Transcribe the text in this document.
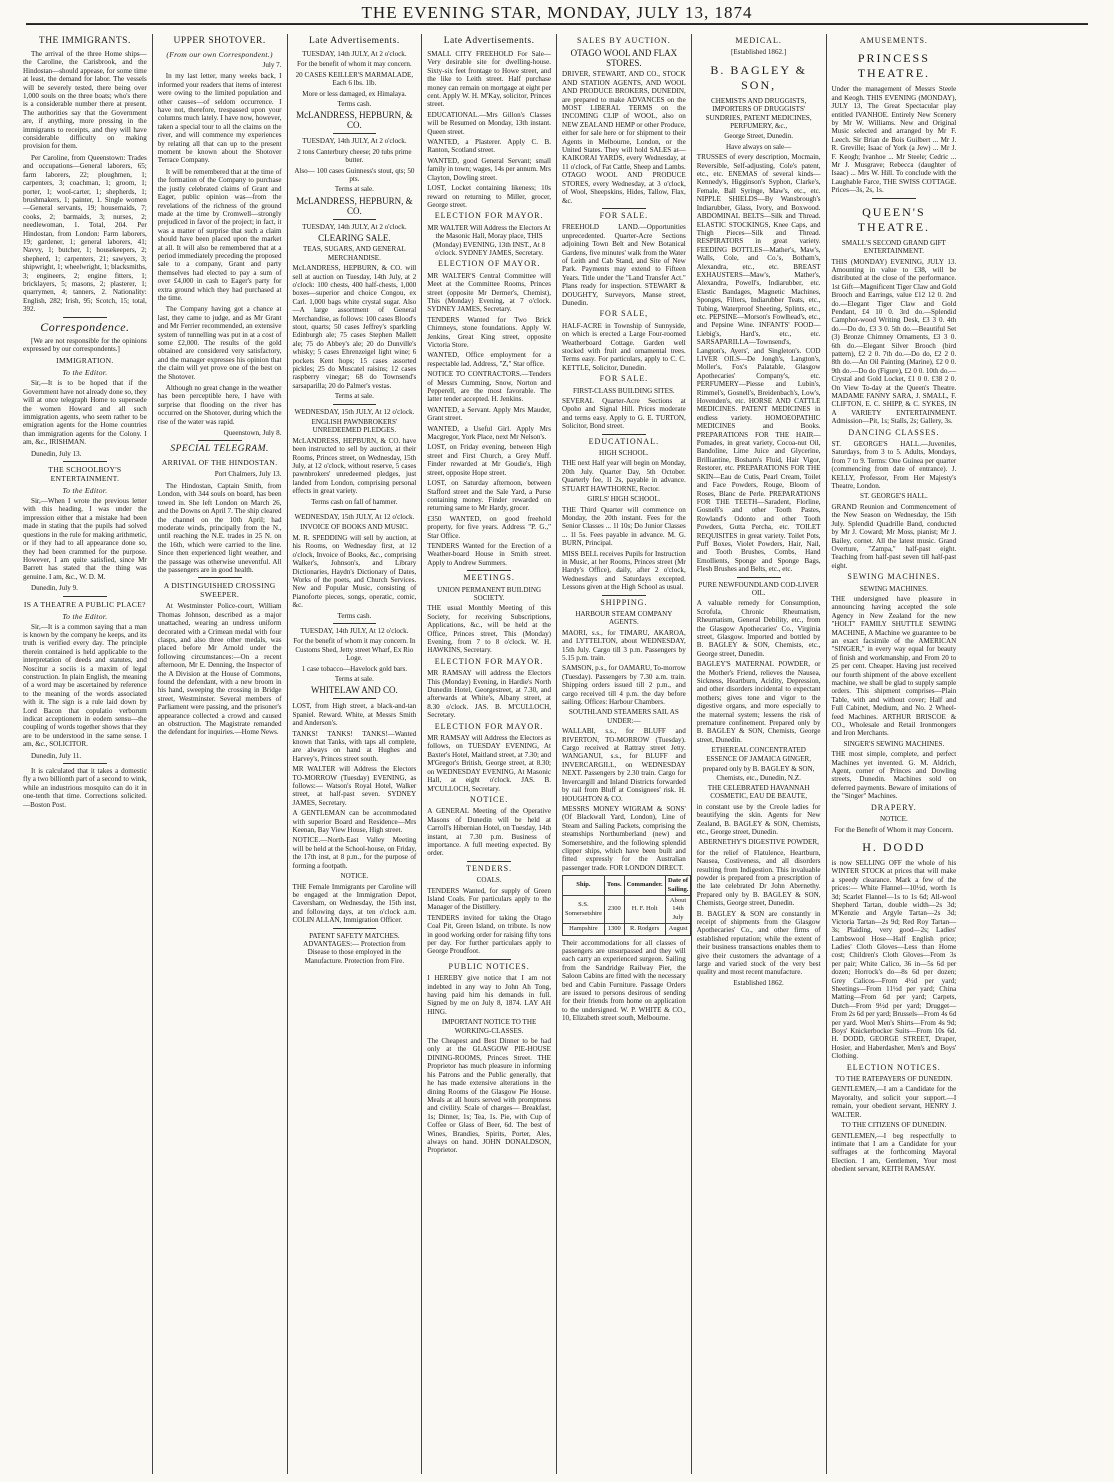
THE EVENING STAR, MONDAY, JULY 13, 1874
THE IMMIGRANTS.

The arrival of the three Home ships—the Caroline, the Carisbrook, and the Hindostan—should appease, for some time at least, the demand for labor. The vessels will be severely tested, there being over 1,000 souls on the three boats; who's there is a considerable number there at present. The authorities say that the Government are, if anything, more pressing in the immigrants to receipts, and they will have considerable difficulty on making provision for them.

Per Caroline, from Queenstown: Trades and occupations—General laborers, 65; farm laborers, 22; ploughmen, 1; carpenters, 3; coachman, 1; groom, 1; porter, 1; wool-carter, 1; shepherds, 1; brushmakers, 1; painter, 1. Single women—General servants, 19; housemaids, 7; cooks, 2; barmaids, 3; nurses, 2; needlewoman, 1. Total, 204. Per Hindostan, from London: Farm laborers, 19; gardener, 1; general laborers, 41; Navvy, 1; butcher, 1; housekeepers, 2; shepherd, 1; carpenters, 21; sawyers, 3; shipwright, 1; wheelwright, 1; blacksmiths, 3; engineers, 2; engine fitters, 1; bricklayers, 5; masons, 2; plasterer, 1; quarrymen, 4; tanners, 2. Nationality: English, 282; Irish, 95; Scotch, 15; total, 392.

Correspondence.

[We are not responsible for the opinions expressed by our correspondents.]

IMMIGRATION.
To the Editor.

Sir,—It is to be hoped that if the Government have not already done so, they will at once telegraph Home to supersede the women Howard and all such immigration agents, who seem rather to be emigration agents for the Home countries than immigration agents for the Colony. I am, &c., IRISHMAN.

Dunedin, July 13.
THE SCHOOLBOY'S ENTERTAINMENT.
To the Editor.

Sir,—When I wrote the previous letter with this heading, I was under the impression either that a mistake had been made in stating that the pupils had solved questions in the rule for making arithmetic, or if they had to all appearance done so, they had been crammed for the purpose. However, I am quite satisfied, since Mr Barrett has stated that the thing was genuine. I am, &c., W. D. M.

Dunedin, July 9.
IS A THEATRE A PUBLIC PLACE?
To the Editor.

Sir,—It is a common saying that a man is known by the company he keeps, and its truth is verified every day. The principle therein contained is held applicable to the interpretation of deeds and statutes, and Noscitur a sociis is a maxim of legal construction. In plain English, the meaning of a word may be ascertained by reference to the meaning of the words associated with it. The sign is a rule laid down by Lord Bacon that copulatio verborum indicat acceptionem in eodem sensu—the coupling of words together shows that they are to be understood in the same sense. I am, &c., SOLICITOR.

Dunedin, July 11.

It is calculated that it takes a domestic fly a two billionth part of a second to wink, while an industrious mosquito can do it in one-tenth that time. Corrections solicited.—Boston Post.

UPPER SHOTOVER.
(From our own Correspondent.)
July 7.

In my last letter, many weeks back, I informed your readers that items of interest were owing to the limited population and other causes—of seldom occurrence. I have not, therefore, trespassed upon your columns much lately. I have now, however, taken a special tour to all the claims on the river, and will commence my experiences by relating all that can up to the present moment be known about the Shotover Terrace Company.

It will be remembered that at the time of the formation of the Company to purchase the justly celebrated claims of Grant and Eager, public opinion was—from the revelations of the richness of the ground made at the time by Cromwell—strongly prejudiced in favor of the project; in fact, it was a matter of surprise that such a claim should have been placed upon the market at all. It will also be remembered that at a period immediately preceding the proposed sale to a company, Grant and party themselves had elected to pay a sum of over £4,000 in cash to Eager's party for extra ground which they had purchased at the time.

The Company having got a chance at last, they came to judge, and as Mr Grant and Mr Ferrier recommended, an extensive system of tunnelling was put in at a cost of some £2,000. The results of the gold obtained are considered very satisfactory, and the manager expresses his opinion that the claim will yet prove one of the best on the Shotover.

Although no great change in the weather has been perceptible here, I have with surprise that flooding on the river has occurred on the Shotover, during which the rise of the water was rapid.

Queenstown, July 8.
SPECIAL TELEGRAM.
ARRIVAL OF THE HINDOSTAN.
Port Chalmers, July 13.

The Hindostan, Captain Smith, from London, with 344 souls on board, has been towed in. She left London on March 26, and the Downs on April 7. The ship cleared the channel on the 10th April; had moderate winds, principally from the N., until reaching the N.E. trades in 25 N. on the 16th, which were carried to the line. Since then experienced light weather, and the passage was otherwise uneventful. All the passengers are in good health.

A DISTINGUISHED CROSSING SWEEPER.

At Westminster Police-court, William Thomas Johnson, described as a major unattached, wearing an undress uniform decorated with a Crimean medal with four clasps, and also three other medals, was placed before Mr Arnold under the following circumstances:—On a recent afternoon, Mr E. Denning, the Inspector of the A Division at the House of Commons, found the defendant, with a new broom in his hand, sweeping the crossing in Bridge street, Westminster. Several members of Parliament were passing, and the prisoner's appearance collected a crowd and caused an obstruction. The Magistrate remanded the defendant for inquiries.—Home News.

Late Advertisements.
TUESDAY, 14th JULY, At 2 o'clock.
For the benefit of whom it may concern.
20 CASES KEILLER'S MARMALADE, Each 6 lbs. 1lb.
More or less damaged, ex Himalaya.
Terms cash.
McLANDRESS, HEPBURN, & CO.
TUESDAY, 14th JULY, At 2 o'clock.
2 tons Canterbury cheese; 20 tubs prime butter.
Also— 100 cases Guinness's stout, qts; 50 pts.
Terms at sale.
McLANDRESS, HEPBURN, & CO.
TUESDAY, 14th JULY, At 2 o'clock.
CLEARING SALE.
TEAS, SUGARS, AND GENERAL MERCHANDISE.

McLANDRESS, HEPBURN, & CO. will sell at auction on Tuesday, 14th July, at 2 o'clock: 100 chests, 400 half-chests, 1,000 boxes—superior and choice Congou, ex Carl. 1,000 bags white crystal sugar. Also—A large assortment of General Merchandise, as follows: 100 cases Blood's stout, quarts; 50 cases Jeffrey's sparkling Edinburgh ale; 75 cases Stephen Mallett ale; 75 do Abbey's ale; 20 do Dunville's whisky; 5 cases Ehrenzeigel light wine; 6 pockets Kent hops; 15 cases assorted pickles; 25 do Muscatel raisins; 12 cases raspberry vinegar; 68 do Townsend's sarsaparilla; 20 do Palmer's vestas.

Terms at sale.
WEDNESDAY, 15th JULY, At 12 o'clock.
ENGLISH PAWNBROKERS' UNREDEEMED PLEDGES.

McLANDRESS, HEPBURN, & CO. have been instructed to sell by auction, at their Rooms, Princes street, on Wednesday, 15th July, at 12 o'clock, without reserve, 5 cases pawnbrokers' unredeemed pledges, just landed from London, comprising personal effects in great variety.

Terms cash on fall of hammer.
WEDNESDAY, 15th JULY, At 12 o'clock.
INVOICE OF BOOKS AND MUSIC.

M. R. SPEDDING will sell by auction, at his Rooms, on Wednesday first, at 12 o'clock, Invoice of Books, &c., comprising Walker's, Johnson's, and Library Dictionaries, Haydn's Dictionary of Dates, Works of the poets, and Church Services. New and Popular Music, consisting of Pianoforte pieces, songs, operatic, comic, &c.

Terms cash.
TUESDAY, 14th JULY, At 12 o'clock.
For the benefit of whom it may concern. In Customs Shed, Jetty street Wharf, Ex Rio Loge.
1 case tobacco—Havelock gold bars.
Terms at sale.
WHITELAW AND CO.

LOST, from High street, a black-and-tan Spaniel. Reward. White, at Messrs Smith and Anderson's.

TANKS! TANKS! TANKS!—Wanted known that Tanks, with taps all complete, are always on hand at Hughes and Harvey's, Princes street south.

MR WALTER will Address the Electors TO-MORROW (Tuesday) EVENING, as follows:— Watson's Royal Hotel, Walker street, at half-past seven. SYDNEY JAMES, Secretary.

A GENTLEMAN can be accommodated with superior Board and Residence—Mrs Keenan, Bay View House, High street.

NOTICE.—North-East Valley Meeting will be held at the School-house, on Friday, the 17th inst, at 8 p.m., for the purpose of forming a footpath.

NOTICE.

THE Female Immigrants per Caroline will be engaged at the Immigration Depot, Caversham, on Wednesday, the 15th inst, and following days, at ten o'clock a.m. COLIN ALLAN, Immigration Officer.

PATENT SAFETY MATCHES. ADVANTAGES:— Protection from Disease to those employed in the Manufacture. Protection from Fire.

Late Advertisements.

SMALL CITY FREEHOLD For Sale—Very desirable site for dwelling-house. Sixty-six feet frontage to Howe street, and the like to Leith street. Half purchase money can remain on mortgage at eight per cent. Apply W. H. M'Kay, solicitor, Princes street.

EDUCATIONAL.—Mrs Gillon's Classes will be Resumed on Monday, 13th instant. Queen street.

WANTED, a Plasterer. Apply C. B. Ranton, Scotland street.

WANTED, good General Servant; small family in town; wages, 14s per annum. Mrs Clayton, Dowling street.

LOST, Locket containing likeness; 10s reward on returning to Miller, grocer, George street.

ELECTION FOR MAYOR.

MR WALTER Will Address the Electors At the Masonic Hall, Moray place, THIS (Monday) EVENING, 13th INST., At 8 o'clock. SYDNEY JAMES, Secretary.

ELECTION OF MAYOR.

MR WALTER'S Central Committee will Meet at the Committee Rooms, Princes street (opposite Mr Dermer's, Chemist), This (Monday) Evening, at 7 o'clock. SYDNEY JAMES, Secretary.

TENDERS Wanted for Two Brick Chimneys, stone foundations. Apply W. Jenkins, Great King street, opposite Victoria Store.

WANTED, Office employment for a respectable lad. Address, "Z," Star office.

NOTICE TO CONTRACTORS.—Tenders of Messrs Cumming, Snow, Norton and Pepperell, are the most favorable. The latter tender accepted. H. Jenkins.

WANTED, a Servant. Apply Mrs Mauder, Grant street.

WANTED, a Useful Girl. Apply Mrs Macgregor, York Place, next Mr Nelson's.

LOST, on Friday evening, between High street and First Church, a Grey Muff. Finder rewarded at Mr Goudie's, High street, opposite Hope street.

LOST, on Saturday afternoon, between Stafford street and the Sale Yard, a Purse containing money. Finder rewarded on returning same to Mr Hardy, grocer.

£350 WANTED, on good freehold property, for five years. Address "P. G.," Star Office.

TENDERS Wanted for the Erection of a Weather-board House in Smith street. Apply to Andrew Summers.

MEETINGS.
UNION PERMANENT BUILDING SOCIETY.

THE usual Monthly Meeting of this Society, for receiving Subscriptions, Applications, &c., will be held at the Office, Princes street, This (Monday) Evening, from 7 to 8 o'clock. W. H. HAWKINS, Secretary.

ELECTION FOR MAYOR.

MR RAMSAY will address the Electors This (Monday) Evening, in Hardie's North Dunedin Hotel, Georgestreet, at 7.30, and afterwards at White's, Albany street, at 8.30 o'clock. JAS. B. M'CULLOCH, Secretary.

ELECTION FOR MAYOR.

MR RAMSAY will Address the Electors as follows, on TUESDAY EVENING, At Baxter's Hotel, Maitland street, at 7.30; and M'Gregor's British, George street, at 8.30; on WEDNESDAY EVENING, At Masonic Hall, at eight o'clock. JAS. B. M'CULLOCH, Secretary.

NOTICE.

A GENERAL Meeting of the Operative Masons of Dunedin will be held at Carroll's Hibernian Hotel, on Tuesday, 14th instant, at 7.30 p.m. Business of importance. A full meeting expected. By order.

TENDERS.
COALS.

TENDERS Wanted, for supply of Green Island Coals. For particulars apply to the Manager of the Distillery.

TENDERS invited for taking the Otago Coal Pit, Green Island, on tribute. Is now in good working order for raising fifty tons per day. For further particulars apply to George Proudfoot.

PUBLIC NOTICES.

I HEREBY give notice that I am not indebted in any way to John Ah Tong, having paid him his demands in full. Signed by me on July 8, 1874. LAY AH HING.

IMPORTANT NOTICE TO THE WORKING-CLASSES.

The Cheapest and Best Dinner to be had only at the GLASGOW PIE-HOUSE DINING-ROOMS, Princes Street. THE Proprietor has much pleasure in informing his Patrons and the Public generally, that he has made extensive alterations in the dining Rooms of the Glasgow Pie House. Meals at all hours served with promptness and civility. Scale of charges— Breakfast, 1s; Dinner, 1s; Tea, 1s. Pie, with Cup of Coffee or Glass of Beer, 6d. The best of Wines, Brandies, Spirits, Porter, Ales, always on hand. JOHN DONALDSON, Proprietor.

SALES BY AUCTION.
OTAGO WOOL AND FLAX STORES.

DRIVER, STEWART, AND CO., STOCK AND STATION AGENTS, AND WOOL AND PRODUCE BROKERS, DUNEDIN, are prepared to make ADVANCES on the MOST LIBERAL TERMS on the INCOMING CLIP of WOOL, also on NEW ZEALAND HEMP or other Produce, either for sale here or for shipment to their Agents in Melbourne, London, or the United States. They will hold SALES at— KAIKORAI YARDS, every Wednesday, at 11 o'clock, of Fat Cattle, Sheep and Lambs. OTAGO WOOL AND PRODUCE STORES, every Wednesday, at 3 o'clock, of Wool, Sheepskins, Hides, Tallow, Flax, &c.

FOR SALE.

FREEHOLD LAND.—Opportunities unprecedented. Quarter-Acre Sections adjoining Town Belt and New Botanical Gardens, five minutes' walk from the Water of Leith and Cab Stand, and Site of New Park. Payments may extend to Fifteen Years. Title under the "Land Transfer Act." Plans ready for inspection. STEWART & DOUGHTY, Surveyors, Manse street, Dunedin.

FOR SALE,

HALF-ACRE in Township of Sunnyside, on which is erected a Large Four-roomed Weatherboard Cottage. Garden well stocked with fruit and ornamental trees. Terms easy. For particulars, apply to C. C. KETTLE, Solicitor, Dunedin.

FOR SALE.
FIRST-CLASS BUILDING SITES.

SEVERAL Quarter-Acre Sections at Opoho and Signal Hill. Prices moderate and terms easy. Apply to G. E. TURTON, Solicitor, Bond street.

EDUCATIONAL.
HIGH SCHOOL.

THE next Half year will begin on Monday, 20th July. Quarter Day, 5th October. Quarterly fee, 1l 2s, payable in advance. STUART HAWTHORNE, Rector.

GIRLS' HIGH SCHOOL.

THE Third Quarter will commence on Monday, the 20th instant. Fees for the Senior Classes ... 1l 10s; Do Junior Classes ... 1l 5s. Fees payable in advance. M. G. BURN, Principal.

MISS BELL receives Pupils for Instruction in Music, at her Rooms, Princes street (Mr Hardy's Office), daily, after 2 o'clock, Wednesdays and Saturdays excepted. Lessons given at the High School as usual.

SHIPPING.
HARBOUR STEAM COMPANY AGENTS.

MAORI, s.s., for TIMARU, AKAROA, and LYTTELTON, about WEDNESDAY, 15th July. Cargo till 3 p.m. Passengers by 5.15 p.m. train.

SAMSON, p.s., for OAMARU, To-morrow (Tuesday). Passengers by 7.30 a.m. train. Shipping orders issued till 2 p.m., and cargo received till 4 p.m. the day before sailing. Offices: Harbour Chambers.

SOUTHLAND STEAMERS SAIL AS UNDER:—

WALLABI, s.s., for BLUFF and RIVERTON, TO-MORROW (Tuesday). Cargo received at Rattray street Jetty. WANGANUI, s.s., for BLUFF and INVERCARGILL, on WEDNESDAY NEXT. Passengers by 2.30 train. Cargo for Invercargill and Inland Districts forwarded by rail from Bluff at Consignees' risk. H. HOUGHTON & CO.

MESSRS MONEY WIGRAM & SONS' (Of Blackwall Yard, London), Line of Steam and Sailing Packets, comprising the steamships Northumberland (new) and Somersetshire, and the following splendid clipper ships, which have been built and fitted expressly for the Australian passenger trade. FOR LONDON DIRECT.

Ship.	Tons.	Commander.	Date of Sailing.
S.S. Somersetshire	2300	H. F. Holt	About 14th July
Hampshire	1300	R. Rodgers	August

Their accommodations for all classes of passengers are unsurpassed and they will each carry an experienced surgeon. Sailing from the Sandridge Railway Pier, the Saloon Cabins are fitted with the necessary bed and Cabin Furniture. Passage Orders are issued to persons desirous of sending for their friends from home on application to the undersigned. W. P. WHITE & CO., 10, Elizabeth street south, Melbourne.

MEDICAL.
[Established 1862.]
B. BAGLEY & SON,
CHEMISTS AND DRUGGISTS, IMPORTERS OF DRUGGISTS' SUNDRIES, PATENT MEDICINES, PERFUMERY, &c.,
George Street, Dunedin.
Have always on sale—

TRUSSES of every description, Mocmain, Reversible, Self-adjusting, Cole's patent, etc., etc. ENEMAS of several kinds—Kennedy's, Higginson's Syphon, Clarke's, Female, Ball Syringe, Maw's, etc., etc. NIPPLE SHIELDS—By Wansbrough's Indiarubber, Glass, Ivory, and Boxwood. ABDOMINAL BELTS—Silk and Thread. ELASTIC STOCKINGS, Knee Caps, and Thigh Pieces—Silk and Thread. RESPIRATORS in great variety. FEEDING BOTTLES—Mather's, Maw's, Walls, Cole, and Co.'s, Botham's, Alexandra, etc., etc. BREAST EXHAUSTERS—Maw's, Mather's, Alexandra, Powell's, Indiarubber, etc. Elastic Bandages, Magnetic Machines, Sponges, Filters, Indiarubber Teats, etc., Tubing, Waterproof Sheeting, Splints, etc., etc. PEPSINE—Morson's Fowlhead's, etc., and Pepsine Wine. INFANTS' FOOD—Liebig's, Hard's, etc., etc. SARSAPARILLA—Townsend's, Langton's, Ayers', and Singleton's. COD LIVER OILS—De Jongh's, Langton's, Moller's, Fox's Palatable, Glasgow Apothecaries' Company's, etc. PERFUMERY—Piesse and Lubin's, Rimmel's, Gosnell's, Breidenbach's, Low's, Hovenden's, etc. HORSE AND CATTLE MEDICINES. PATENT MEDICINES in endless variety. HOMOEOPATHIC MEDICINES and Books. PREPARATIONS FOR THE HAIR—Pomades, in great variety, Cocoa-nut Oil, Bandoline, Lime Juice and Glycerine, Brilliantine, Bosham's Fluid, Hair Vigor, Restorer, etc. PREPARATIONS FOR THE SKIN—Eau de Cutis, Pearl Cream, Toilet and Face Powders, Rouge, Bloom of Roses, Blanc de Perle. PREPARATIONS FOR THE TEETH—Saradent, Florline, Gosnell's and other Tooth Pastes, Rowland's Odonto and other Tooth Powders, Gutta Percha, etc. TOILET REQUISITES in great variety. Toilet Pots, Puff Boxes, Violet Powders, Hair, Nail, and Tooth Brushes, Combs, Hand Emollients, Sponge and Sponge Bags, Flesh Brushes and Belts, etc., etc.

PURE NEWFOUNDLAND COD-LIVER OIL.

A valuable remedy for Consumption, Scrofula, Chronic Rheumatism, Rheumatism, General Debility, etc., from the Glasgow Apothecaries' Co., Virginia street, Glasgow. Imported and bottled by B. BAGLEY & SON, Chemists, etc., George street, Dunedin.

BAGLEY'S MATERNAL POWDER, or the Mother's Friend, relieves the Nausea, Sickness, Heartburn, Acidity, Depression, and other disorders incidental to expectant mothers; gives tone and vigor to the digestive organs, and more especially to the maternal system; lessens the risk of premature confinement. Prepared only by B. BAGLEY & SON, Chemists, George street, Dunedin.

ETHEREAL CONCENTRATED ESSENCE OF JAMAICA GINGER,

prepared only by B. BAGLEY & SON, Chemists, etc., Dunedin, N.Z.

THE CELEBRATED HAVANNAH COSMETIC, EAU DE BEAUTE,

in constant use by the Creole ladies for beautifying the skin. Agents for New Zealand, B. BAGLEY & SON, Chemists, etc., George street, Dunedin.

ABERNETHY'S DIGESTIVE POWDER,

for the relief of Flatulence, Heartburn, Nausea, Costiveness, and all disorders resulting from Indigestion. This invaluable powder is prepared from a prescription of the late celebrated Dr John Abernethy. Prepared only by B. BAGLEY & SON, Chemists, George street, Dunedin.

B. BAGLEY & SON are constantly in receipt of shipments from the Glasgow Apothecaries' Co., and other firms of established reputation; while the extent of their business transactions enables them to give their customers the advantage of a large and varied stock of the very best quality and most recent manufacture.

Established 1862.
AMUSEMENTS.
PRINCESS THEATRE.

Under the management of Messrs Steele and Keogh. THIS EVENING (MONDAY), JULY 13, The Great Spectacular play entitled IVANHOE. Entirely New Scenery by Mr W. Williams. New and Original Music selected and arranged by Mr F. Leech. Sir Brian de Bois Guilbert ... Mr J. R. Greville; Isaac of York (a Jew) ... Mr J. F. Keogh; Ivanhoe ... Mr Steele; Cedric ... Mr J. Musgrave; Rebecca (daughter of Isaac) ... Mrs W. Hill. To conclude with the Laughable Farce, THE SWISS COTTAGE. Prices—3s, 2s, 1s.

QUEEN'S THEATRE.
SMALL'S SECOND GRAND GIFT ENTERTAINMENT.

THIS (MONDAY) EVENING, JULY 13. Amounting in value to £38, will be distributed at the close of the performance. 1st Gift—Magnificent Tiger Claw and Gold Brooch and Earrings, value £12 12 0. 2nd do.—Elegant Tiger Claw and Gold Pendant, £4 10 0. 3rd do.—Splendid Camphor-wood Writing Desk, £3 3 0. 4th do.—Do do, £3 3 0. 5th do.—Beautiful Set (3) Bronze Chimney Ornaments, £3 3 0. 6th do.—Elegant Silver Brooch (bird pattern), £2 2 0. 7th do.—Do do, £2 2 0. 8th do.—An Oil Painting (Marine), £2 0 0. 9th do.—Do do (Figure), £2 0 0. 10th do.—Crystal and Gold Locket, £1 0 0. £38 2 0. On View To-day at the Queen's Theatre. MADAME FANNY SARA, J. SMALL, F. CLIFTON, E. C. SHIPP, & C. SYKES, IN A VARIETY ENTERTAINMENT. Admission—Pit, 1s; Stalls, 2s; Gallery, 3s.

DANCING CLASSES.

ST. GEORGE'S HALL.—Juveniles, Saturdays, from 3 to 5. Adults, Mondays, from 7 to 9. Terms: One Guinea per quarter (commencing from date of entrance). J. KELLY, Professor, From Her Majesty's Theatre, London.

ST. GEORGE'S HALL.

GRAND Reunion and Commencement of the New Season on Wednesday, the 15th July. Splendid Quadrille Band, conducted by Mr J. Coward; Mr Moss, pianist; Mr J. Bailey, cornet. All the latest music. Grand Overture, "Zampa," half-past eight. Teaching from half-past seven till half-past eight.

SEWING MACHINES.
SEWING MACHINES.

THE undersigned have pleasure in announcing having accepted the sole Agency in New Zealand for the new "HOLT" FAMILY SHUTTLE SEWING MACHINE, A Machine we guarantee to be an exact facsimile of the AMERICAN "SINGER," in every way equal for beauty of finish and workmanship, and From 20 to 25 per cent. Cheaper. Having just received our fourth shipment of the above excellent machine, we shall be glad to supply sample orders. This shipment comprises—Plain Table, with and without cover; Half and Full Cabinet, Medium, and No. 2 Wheel-feed Machines. ARTHUR BRISCOE & CO., Wholesale and Retail Ironmongers and Iron Merchants.

SINGER'S SEWING MACHINES.

THE most simple, complete, and perfect Machines yet invented. G. M. Aldrich, Agent, corner of Princes and Dowling streets, Dunedin. Machines sold on deferred payments. Beware of imitations of the "Singer" Machines.

DRAPERY.
NOTICE.
For the Benefit of Whom it may Concern.
H. DODD

is now SELLING OFF the whole of his WINTER STOCK at prices that will make a speedy clearance. Mark a few of the prices:— White Flannel—10½d, worth 1s 3d; Scarlet Flannel—1s to 1s 6d; All-wool Shepherd Tartan, double width—2s 3d; M'Kenzie and Argyle Tartan—2s 3d; Victoria Tartan—2s 9d; Red Roy Tartan—3s; Plaiding, very good—2s; Ladies' Lambswool Hose—Half English price; Ladies' Cloth Gloves—Less than Home cost; Children's Cloth Gloves—From 3s per pair; White Calico, 36 in—5s 6d per dozen; Horrock's do—8s 6d per dozen; Grey Calicos—From 4½d per yard; Sheetings—From 11½d per yard; China Matting—From 6d per yard; Carpets, Dutch—From 9½d per yard; Drugget—From 2s 6d per yard; Brussels—From 4s 6d per yard. Wool Men's Shirts—From 4s 9d; Boys' Knickerbocker Suits—From 10s 6d. H. DODD, GEORGE STREET, Draper, Hosier, and Haberdasher, Men's and Boys' Clothing.

ELECTION NOTICES.
TO THE RATEPAYERS OF DUNEDIN.

GENTLEMEN,—I am a Candidate for the Mayoralty, and solicit your support.—I remain, your obedient servant, HENRY J. WALTER.

TO THE CITIZENS OF DUNEDIN.

GENTLEMEN,—I beg respectfully to intimate that I am a Candidate for your suffrages at the forthcoming Mayoral Election. I am, Gentlemen, Your most obedient servant, KEITH RAMSAY.
